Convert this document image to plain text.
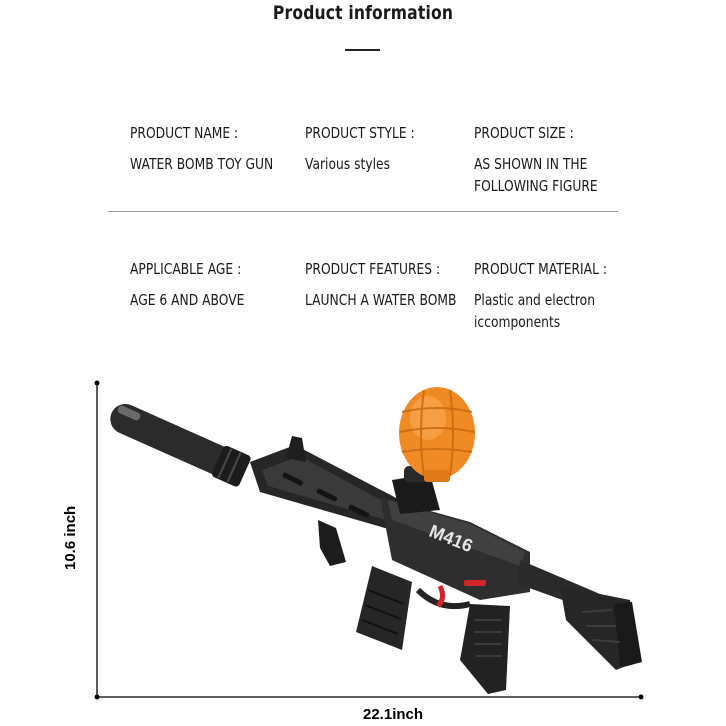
Product information
PRODUCT NAME :
WATER BOMB TOY GUN
PRODUCT STYLE :
Various styles
PRODUCT SIZE :
AS SHOWN IN THE
FOLLOWING FIGURE
APPLICABLE AGE :
AGE 6 AND ABOVE
PRODUCT FEATURES :
LAUNCH A WATER BOMB
PRODUCT MATERIAL :
Plastic and electron
iccomponents
M416
10.6 inch
22.1inch
